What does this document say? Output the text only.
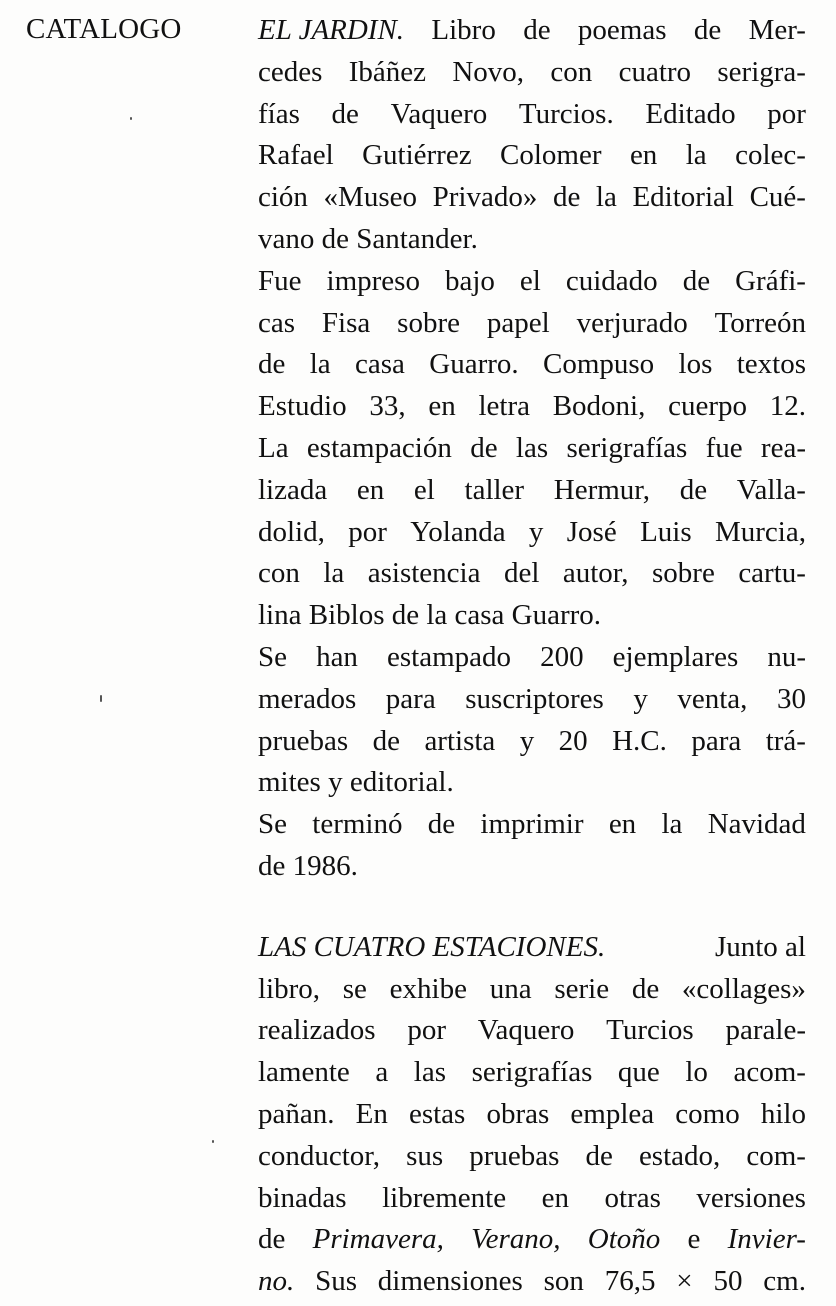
CATALOGO	EL JARDIN. Libro de poemas de Mer-
cedes Ibáñez Novo, con cuatro serigra-
fías de Vaquero Turcios. Editado por
Rafael Gutiérrez Colomer en la colec-
ción «Museo Privado» de la Editorial Cué-
vano de Santander.
Fue impreso bajo el cuidado de Gráfi-
cas Fisa sobre papel verjurado Torreón
de la casa Guarro. Compuso los textos
Estudio 33, en letra Bodoni, cuerpo 12.
La estampación de las serigrafías fue rea-
lizada en el taller Hermur, de Valla-
dolid, por Yolanda y José Luis Murcia,
con la asistencia del autor, sobre cartu-
lina Biblos de la casa Guarro.
Se han estampado 200 ejemplares nu-
merados para suscriptores y venta, 30
pruebas de artista y 20 H.C. para trá-
mites y editorial.
Se terminó de imprimir en la Navidad
de 1986.
LAS CUATRO ESTACIONES.	Junto al
libro, se exhibe una serie de «collages»
realizados por Vaquero Turcios parale-
lamente a las serigrafías que lo acom-
pañan. En estas obras emplea como hilo
conductor, sus pruebas de estado, com-
binadas libremente en otras versiones
de Primavera, Verano, Otoño e Invier-
no. Sus dimensiones son 76,5 × 50 cm.
